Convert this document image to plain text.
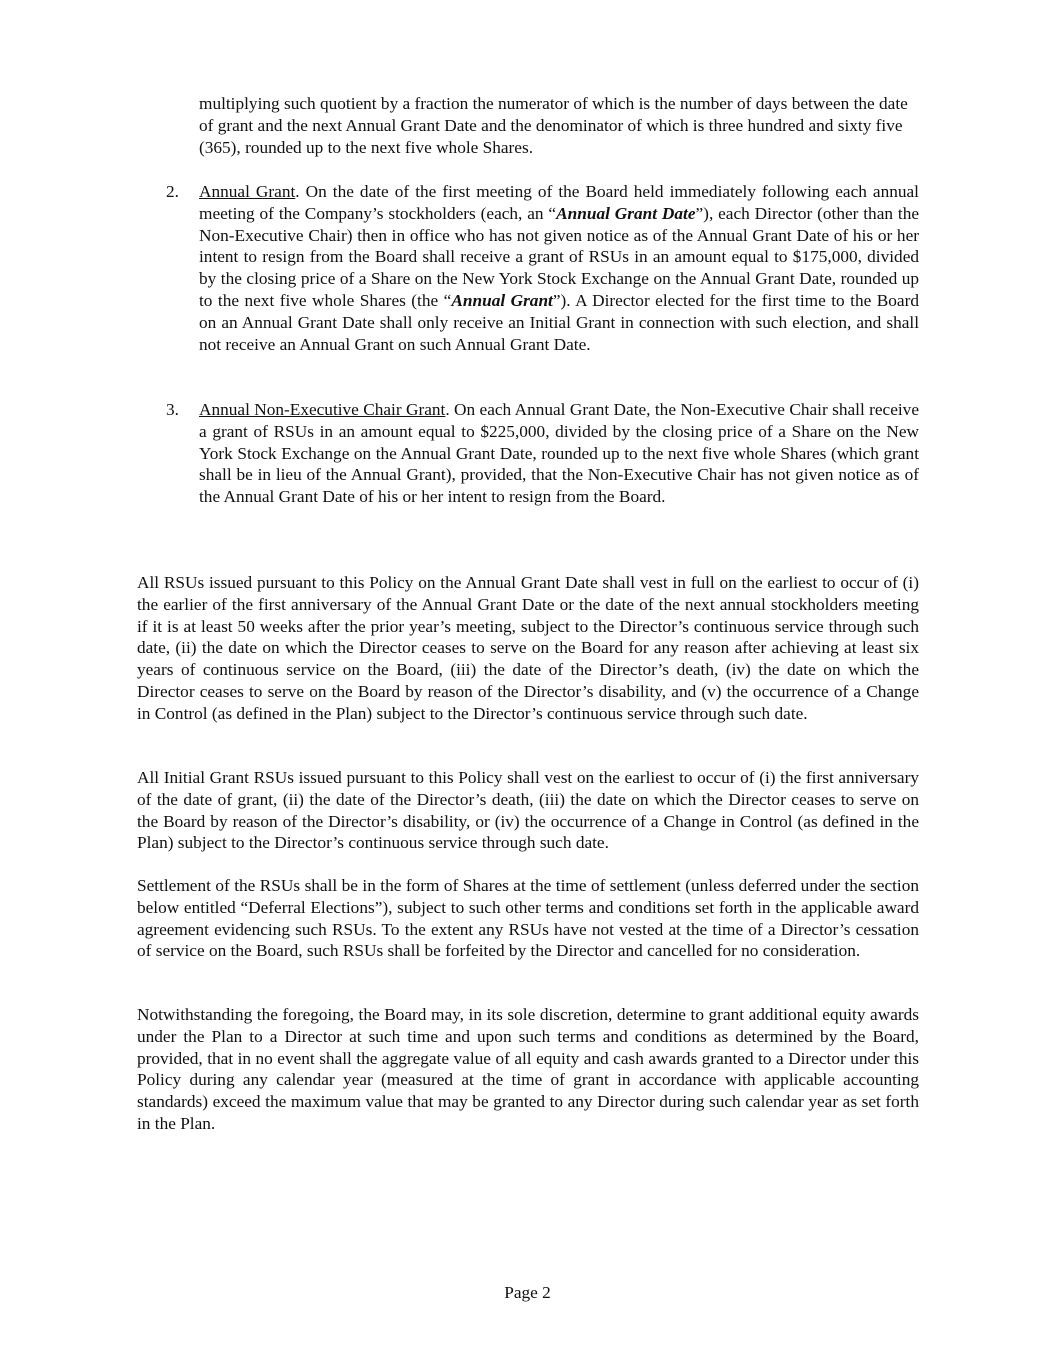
multiplying such quotient by a fraction the numerator of which is the number of days between the date of grant and the next Annual Grant Date and the denominator of which is three hundred and sixty five (365), rounded up to the next five whole Shares.

2.	Annual Grant. On the date of the first meeting of the Board held immediately following each annual meeting of the Company’s stockholders (each, an “Annual Grant Date”), each Director (other than the Non-Executive Chair) then in office who has not given notice as of the Annual Grant Date of his or her intent to resign from the Board shall receive a grant of RSUs in an amount equal to $175,000, divided by the closing price of a Share on the New York Stock Exchange on the Annual Grant Date, rounded up to the next five whole Shares (the “Annual Grant”). A Director elected for the first time to the Board on an Annual Grant Date shall only receive an Initial Grant in connection with such election, and shall not receive an Annual Grant on such Annual Grant Date.
3.	Annual Non-Executive Chair Grant. On each Annual Grant Date, the Non-Executive Chair shall receive a grant of RSUs in an amount equal to $225,000, divided by the closing price of a Share on the New York Stock Exchange on the Annual Grant Date, rounded up to the next five whole Shares (which grant shall be in lieu of the Annual Grant), provided, that the Non-Executive Chair has not given notice as of the Annual Grant Date of his or her intent to resign from the Board.

All RSUs issued pursuant to this Policy on the Annual Grant Date shall vest in full on the earliest to occur of (i) the earlier of the first anniversary of the Annual Grant Date or the date of the next annual stockholders meeting if it is at least 50 weeks after the prior year’s meeting, subject to the Director’s continuous service through such date, (ii) the date on which the Director ceases to serve on the Board for any reason after achieving at least six years of continuous service on the Board, (iii) the date of the Director’s death, (iv) the date on which the Director ceases to serve on the Board by reason of the Director’s disability, and (v) the occurrence of a Change in Control (as defined in the Plan) subject to the Director’s continuous service through such date.

All Initial Grant RSUs issued pursuant to this Policy shall vest on the earliest to occur of (i) the first anniversary of the date of grant, (ii) the date of the Director’s death, (iii) the date on which the Director ceases to serve on the Board by reason of the Director’s disability, or (iv) the occurrence of a Change in Control (as defined in the Plan) subject to the Director’s continuous service through such date.

Settlement of the RSUs shall be in the form of Shares at the time of settlement (unless deferred under the section below entitled “Deferral Elections”), subject to such other terms and conditions set forth in the applicable award agreement evidencing such RSUs. To the extent any RSUs have not vested at the time of a Director’s cessation of service on the Board, such RSUs shall be forfeited by the Director and cancelled for no consideration.

Notwithstanding the foregoing, the Board may, in its sole discretion, determine to grant additional equity awards under the Plan to a Director at such time and upon such terms and conditions as determined by the Board, provided, that in no event shall the aggregate value of all equity and cash awards granted to a Director under this Policy during any calendar year (measured at the time of grant in accordance with applicable accounting standards) exceed the maximum value that may be granted to any Director during such calendar year as set forth in the Plan.

Page 2
